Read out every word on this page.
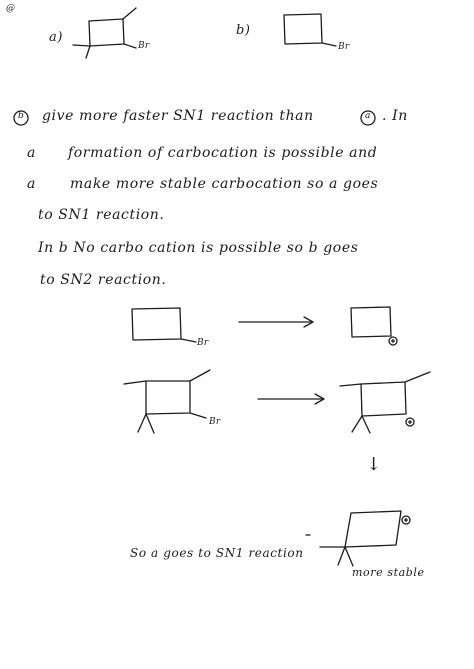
@
a)
Br
b)
Br
b give more faster SN1 reaction than	a . In
a formation of carbocation is possible and
a make more stable carbocation so a goes
to SN1 reaction.
In b No carbo cation is possible so b goes
to SN2 reaction.
Br
Br
↓
So a goes to SN1 reaction
more stable
